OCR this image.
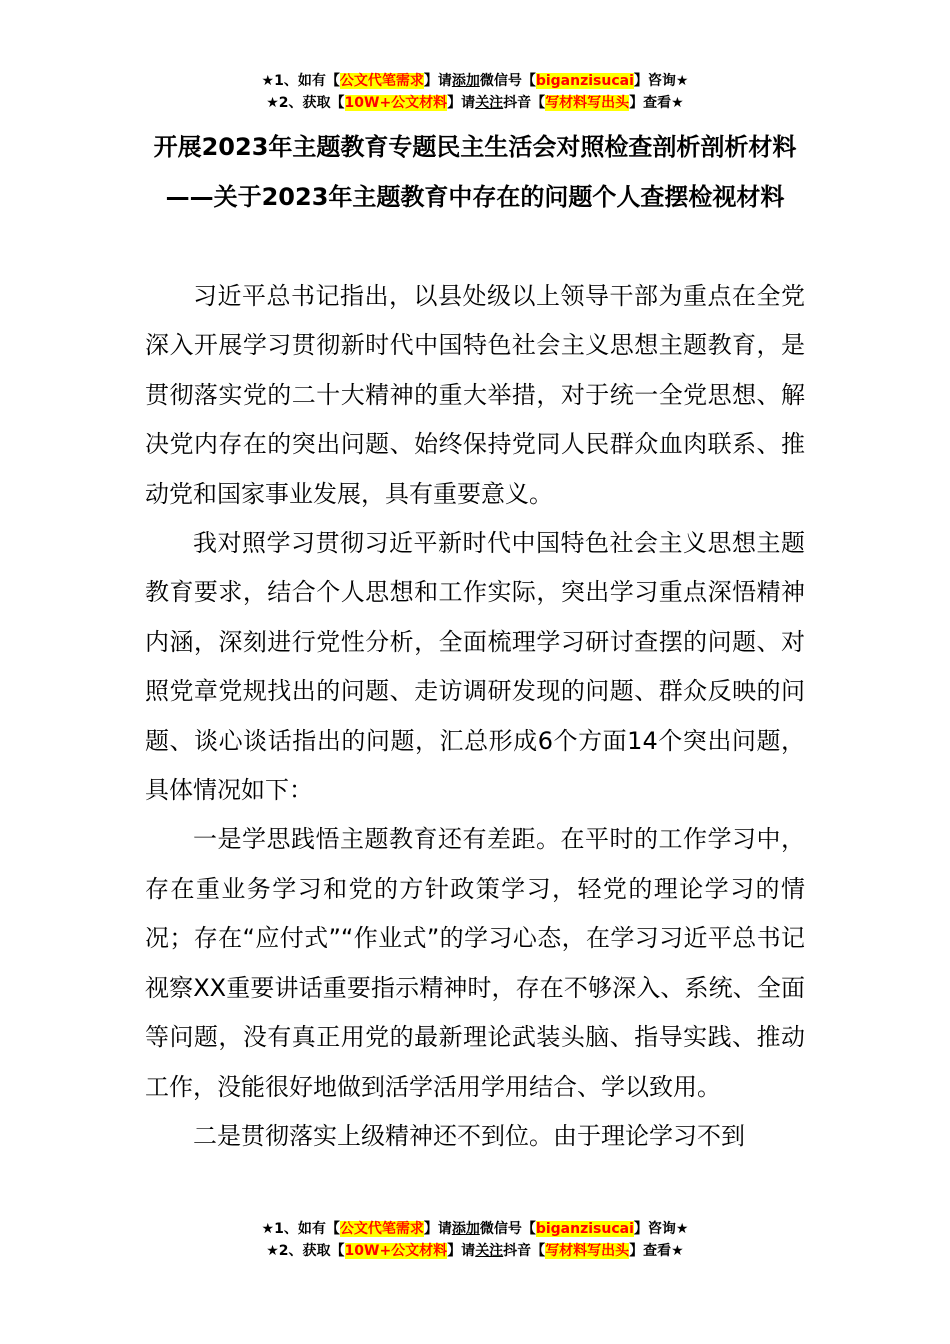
★1、如有【公文代笔需求】请添加微信号【biganzisucai】咨询★
★2、获取【10W+公文材料】请关注抖音【写材料写出头】查看★
开展2023年主题教育专题民主生活会对照检查剖析剖析材料——关于2023年主题教育中存在的问题个人查摆检视材料

习近平总书记指出，以县处级以上领导干部为重点在全党深入开展学习贯彻新时代中国特色社会主义思想主题教育，是贯彻落实党的二十大精神的重大举措，对于统一全党思想、解决党内存在的突出问题、始终保持党同人民群众血肉联系、推动党和国家事业发展，具有重要意义。

我对照学习贯彻习近平新时代中国特色社会主义思想主题教育要求，结合个人思想和工作实际，突出学习重点深悟精神内涵，深刻进行党性分析，全面梳理学习研讨查摆的问题、对照党章党规找出的问题、走访调研发现的问题、群众反映的问题、谈心谈话指出的问题，汇总形成6个方面14个突出问题，具体情况如下：

一是学思践悟主题教育还有差距。在平时的工作学习中，存在重业务学习和党的方针政策学习，轻党的理论学习的情况；存在“应付式”“作业式”的学习心态，在学习习近平总书记视察XX重要讲话重要指示精神时，存在不够深入、系统、全面等问题，没有真正用党的最新理论武装头脑、指导实践、推动工作，没能很好地做到活学活用学用结合、学以致用。

二是贯彻落实上级精神还不到位。由于理论学习不到

★1、如有【公文代笔需求】请添加微信号【biganzisucai】咨询★
★2、获取【10W+公文材料】请关注抖音【写材料写出头】查看★
